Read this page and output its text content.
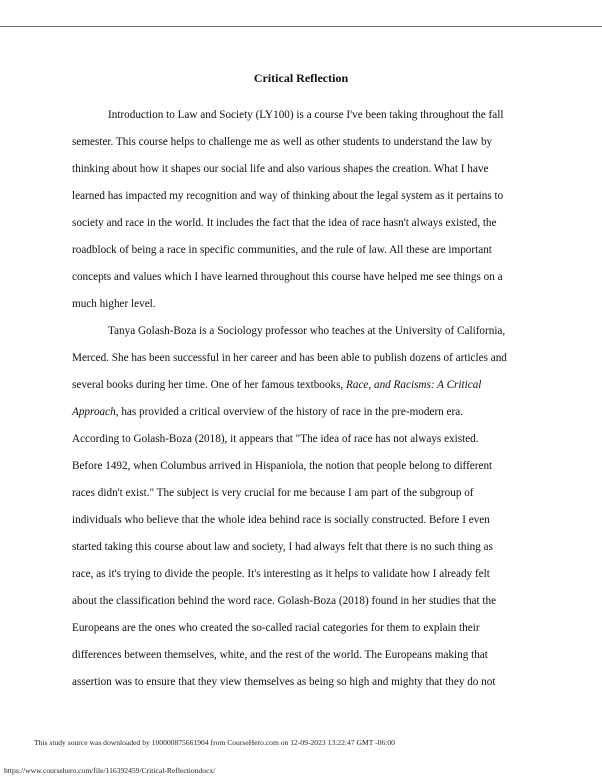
Critical Reflection
Introduction to Law and Society (LY100) is a course I've been taking throughout the fall
semester. This course helps to challenge me as well as other students to understand the law by
thinking about how it shapes our social life and also various shapes the creation. What I have
learned has impacted my recognition and way of thinking about the legal system as it pertains to
society and race in the world. It includes the fact that the idea of race hasn't always existed, the
roadblock of being a race in specific communities, and the rule of law. All these are important
concepts and values which I have learned throughout this course have helped me see things on a
much higher level.
Tanya Golash-Boza is a Sociology professor who teaches at the University of California,
Merced. She has been successful in her career and has been able to publish dozens of articles and
several books during her time. One of her famous textbooks, Race, and Racisms: A Critical
Approach, has provided a critical overview of the history of race in the pre-modern era.
According to Golash-Boza (2018), it appears that "The idea of race has not always existed.
Before 1492, when Columbus arrived in Hispaniola, the notion that people belong to different
races didn't exist." The subject is very crucial for me because I am part of the subgroup of
individuals who believe that the whole idea behind race is socially constructed. Before I even
started taking this course about law and society, I had always felt that there is no such thing as
race, as it's trying to divide the people. It's interesting as it helps to validate how I already felt
about the classification behind the word race. Golash-Boza (2018) found in her studies that the
Europeans are the ones who created the so-called racial categories for them to explain their
differences between themselves, white, and the rest of the world. The Europeans making that
assertion was to ensure that they view themselves as being so high and mighty that they do not
This study source was downloaded by 100000875661904 from CourseHero.com on 12-09-2023 13:22:47 GMT -06:00
https://www.coursehero.com/file/116392459/Critical-Reflectiondocx/
